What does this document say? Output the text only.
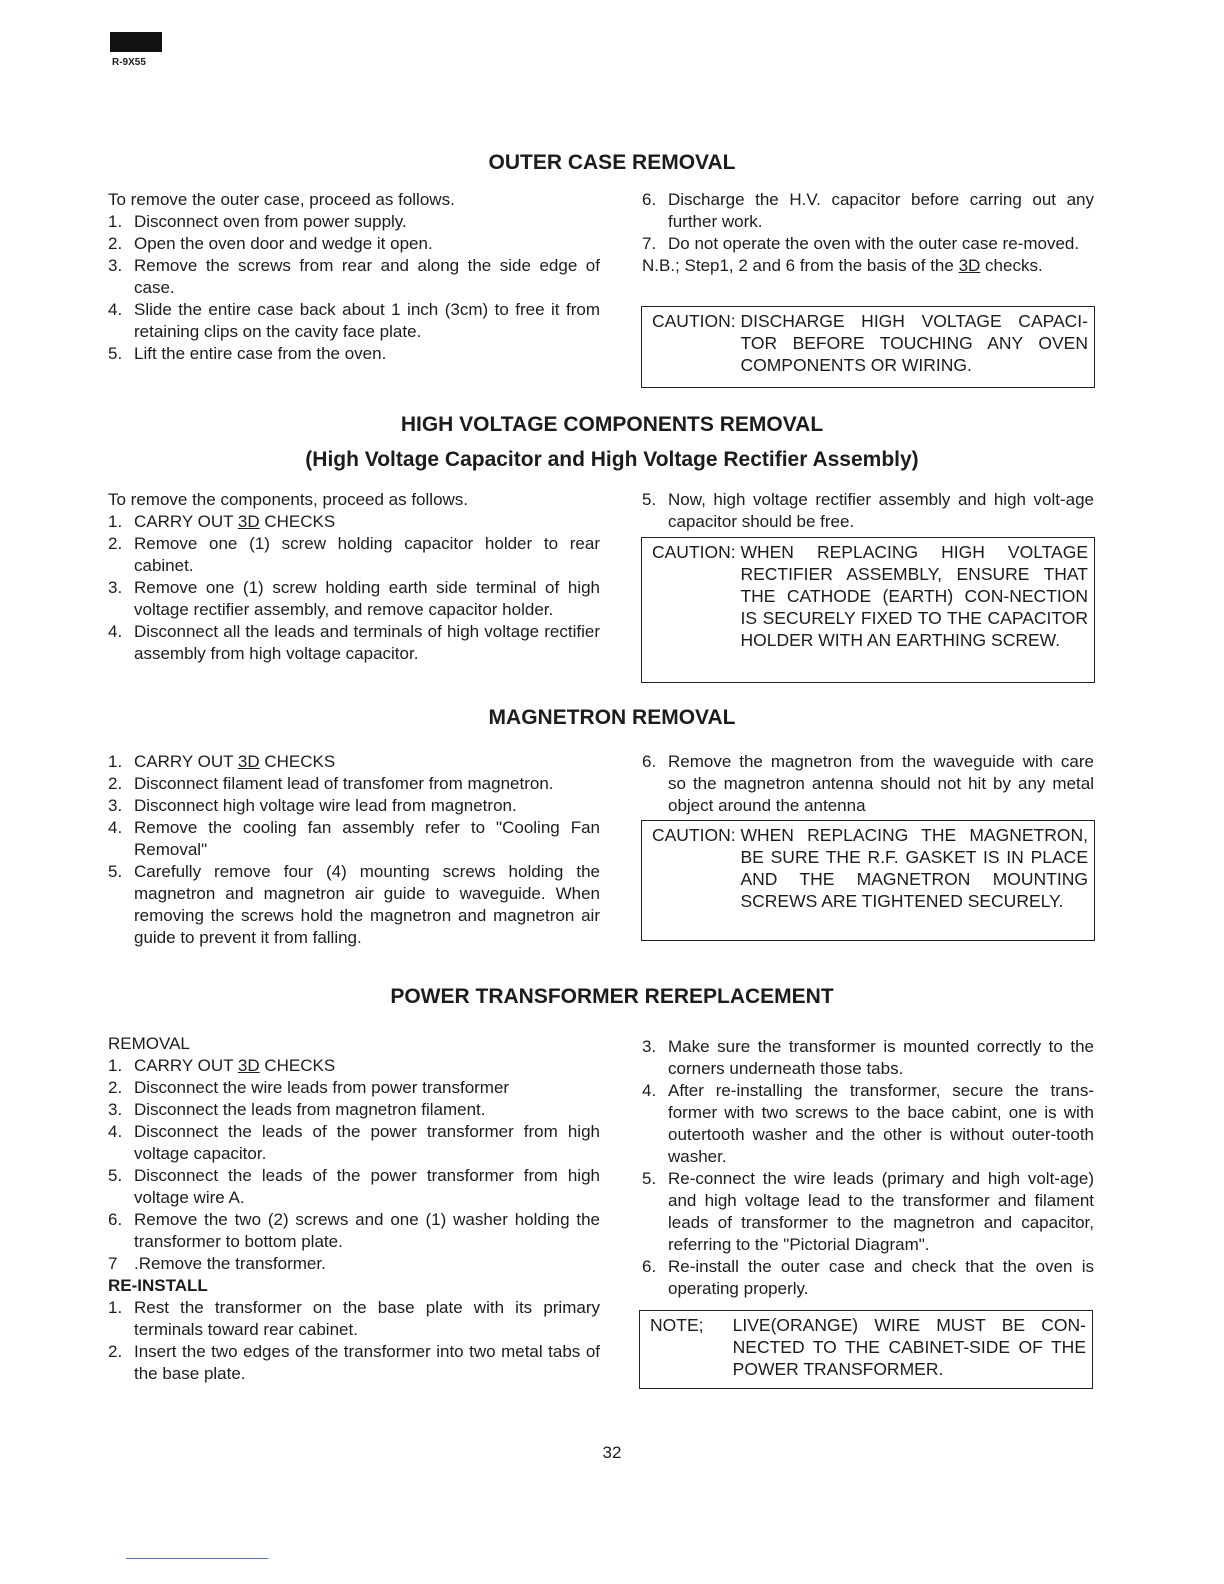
R-9X55
OUTER CASE REMOVAL
To remove the outer case, proceed as follows.
1. Disconnect oven from power supply.
2. Open the oven door and wedge it open.
3. Remove the screws from rear and along the side edge of case.
4. Slide the entire case back about 1 inch (3cm) to free it from retaining clips on the cavity face plate.
5. Lift the entire case from the oven.
6. Discharge the H.V. capacitor before carring out any further work.
7. Do not operate the oven with the outer case re-moved.
N.B.; Step1, 2 and 6 from the basis of the 3D checks.
CAUTION: DISCHARGE HIGH VOLTAGE CAPACI-TOR BEFORE TOUCHING ANY OVEN COMPONENTS OR WIRING.
HIGH VOLTAGE COMPONENTS REMOVAL
(High Voltage Capacitor and High Voltage Rectifier Assembly)
To remove the components, proceed as follows.
1. CARRY OUT 3D CHECKS
2. Remove one (1) screw holding capacitor holder to rear cabinet.
3. Remove one (1) screw holding earth side terminal of high voltage rectifier assembly, and remove capacitor holder.
4. Disconnect all the leads and terminals of high voltage rectifier assembly from high voltage capacitor.
5. Now, high voltage rectifier assembly and high volt-age capacitor should be free.
CAUTION: WHEN REPLACING HIGH VOLTAGE RECTIFIER ASSEMBLY, ENSURE THAT THE CATHODE (EARTH) CON-NECTION IS SECURELY FIXED TO THE CAPACITOR HOLDER WITH AN EARTHING SCREW.
MAGNETRON REMOVAL
1. CARRY OUT 3D CHECKS
2. Disconnect filament lead of transfomer from magnetron.
3. Disconnect high voltage wire lead from magnetron.
4. Remove the cooling fan assembly refer to "Cooling Fan Removal"
5. Carefully remove four (4) mounting screws holding the magnetron and magnetron air guide to waveguide. When removing the screws hold the magnetron and magnetron air guide to prevent it from falling.
6. Remove the magnetron from the waveguide with care so the magnetron antenna should not hit by any metal object around the antenna
CAUTION: WHEN REPLACING THE MAGNETRON, BE SURE THE R.F. GASKET IS IN PLACE AND THE MAGNETRON MOUNTING SCREWS ARE TIGHTENED SECURELY.
POWER TRANSFORMER REREPLACEMENT
REMOVAL
1. CARRY OUT 3D CHECKS
2. Disconnect the wire leads from power transformer
3. Disconnect the leads from magnetron filament.
4. Disconnect the leads of the power transformer from high voltage capacitor.
5. Disconnect the leads of the power transformer from high voltage wire A.
6. Remove the two (2) screws and one (1) washer holding the transformer to bottom plate.
7 .Remove the transformer.
RE-INSTALL
1. Rest the transformer on the base plate with its primary terminals toward rear cabinet.
2. Insert the two edges of the transformer into two metal tabs of the base plate.
3. Make sure the transformer is mounted correctly to the corners underneath those tabs.
4. After re-installing the transformer, secure the trans-former with two screws to the bace cabint, one is with outertooth washer and the other is without outer-tooth washer.
5. Re-connect the wire leads (primary and high volt-age) and high voltage lead to the transformer and filament leads of transformer to the magnetron and capacitor, referring to the "Pictorial Diagram".
6. Re-install the outer case and check that the oven is operating properly.
NOTE; LIVE(ORANGE) WIRE MUST BE CON-NECTED TO THE CABINET-SIDE OF THE POWER TRANSFORMER.
32
